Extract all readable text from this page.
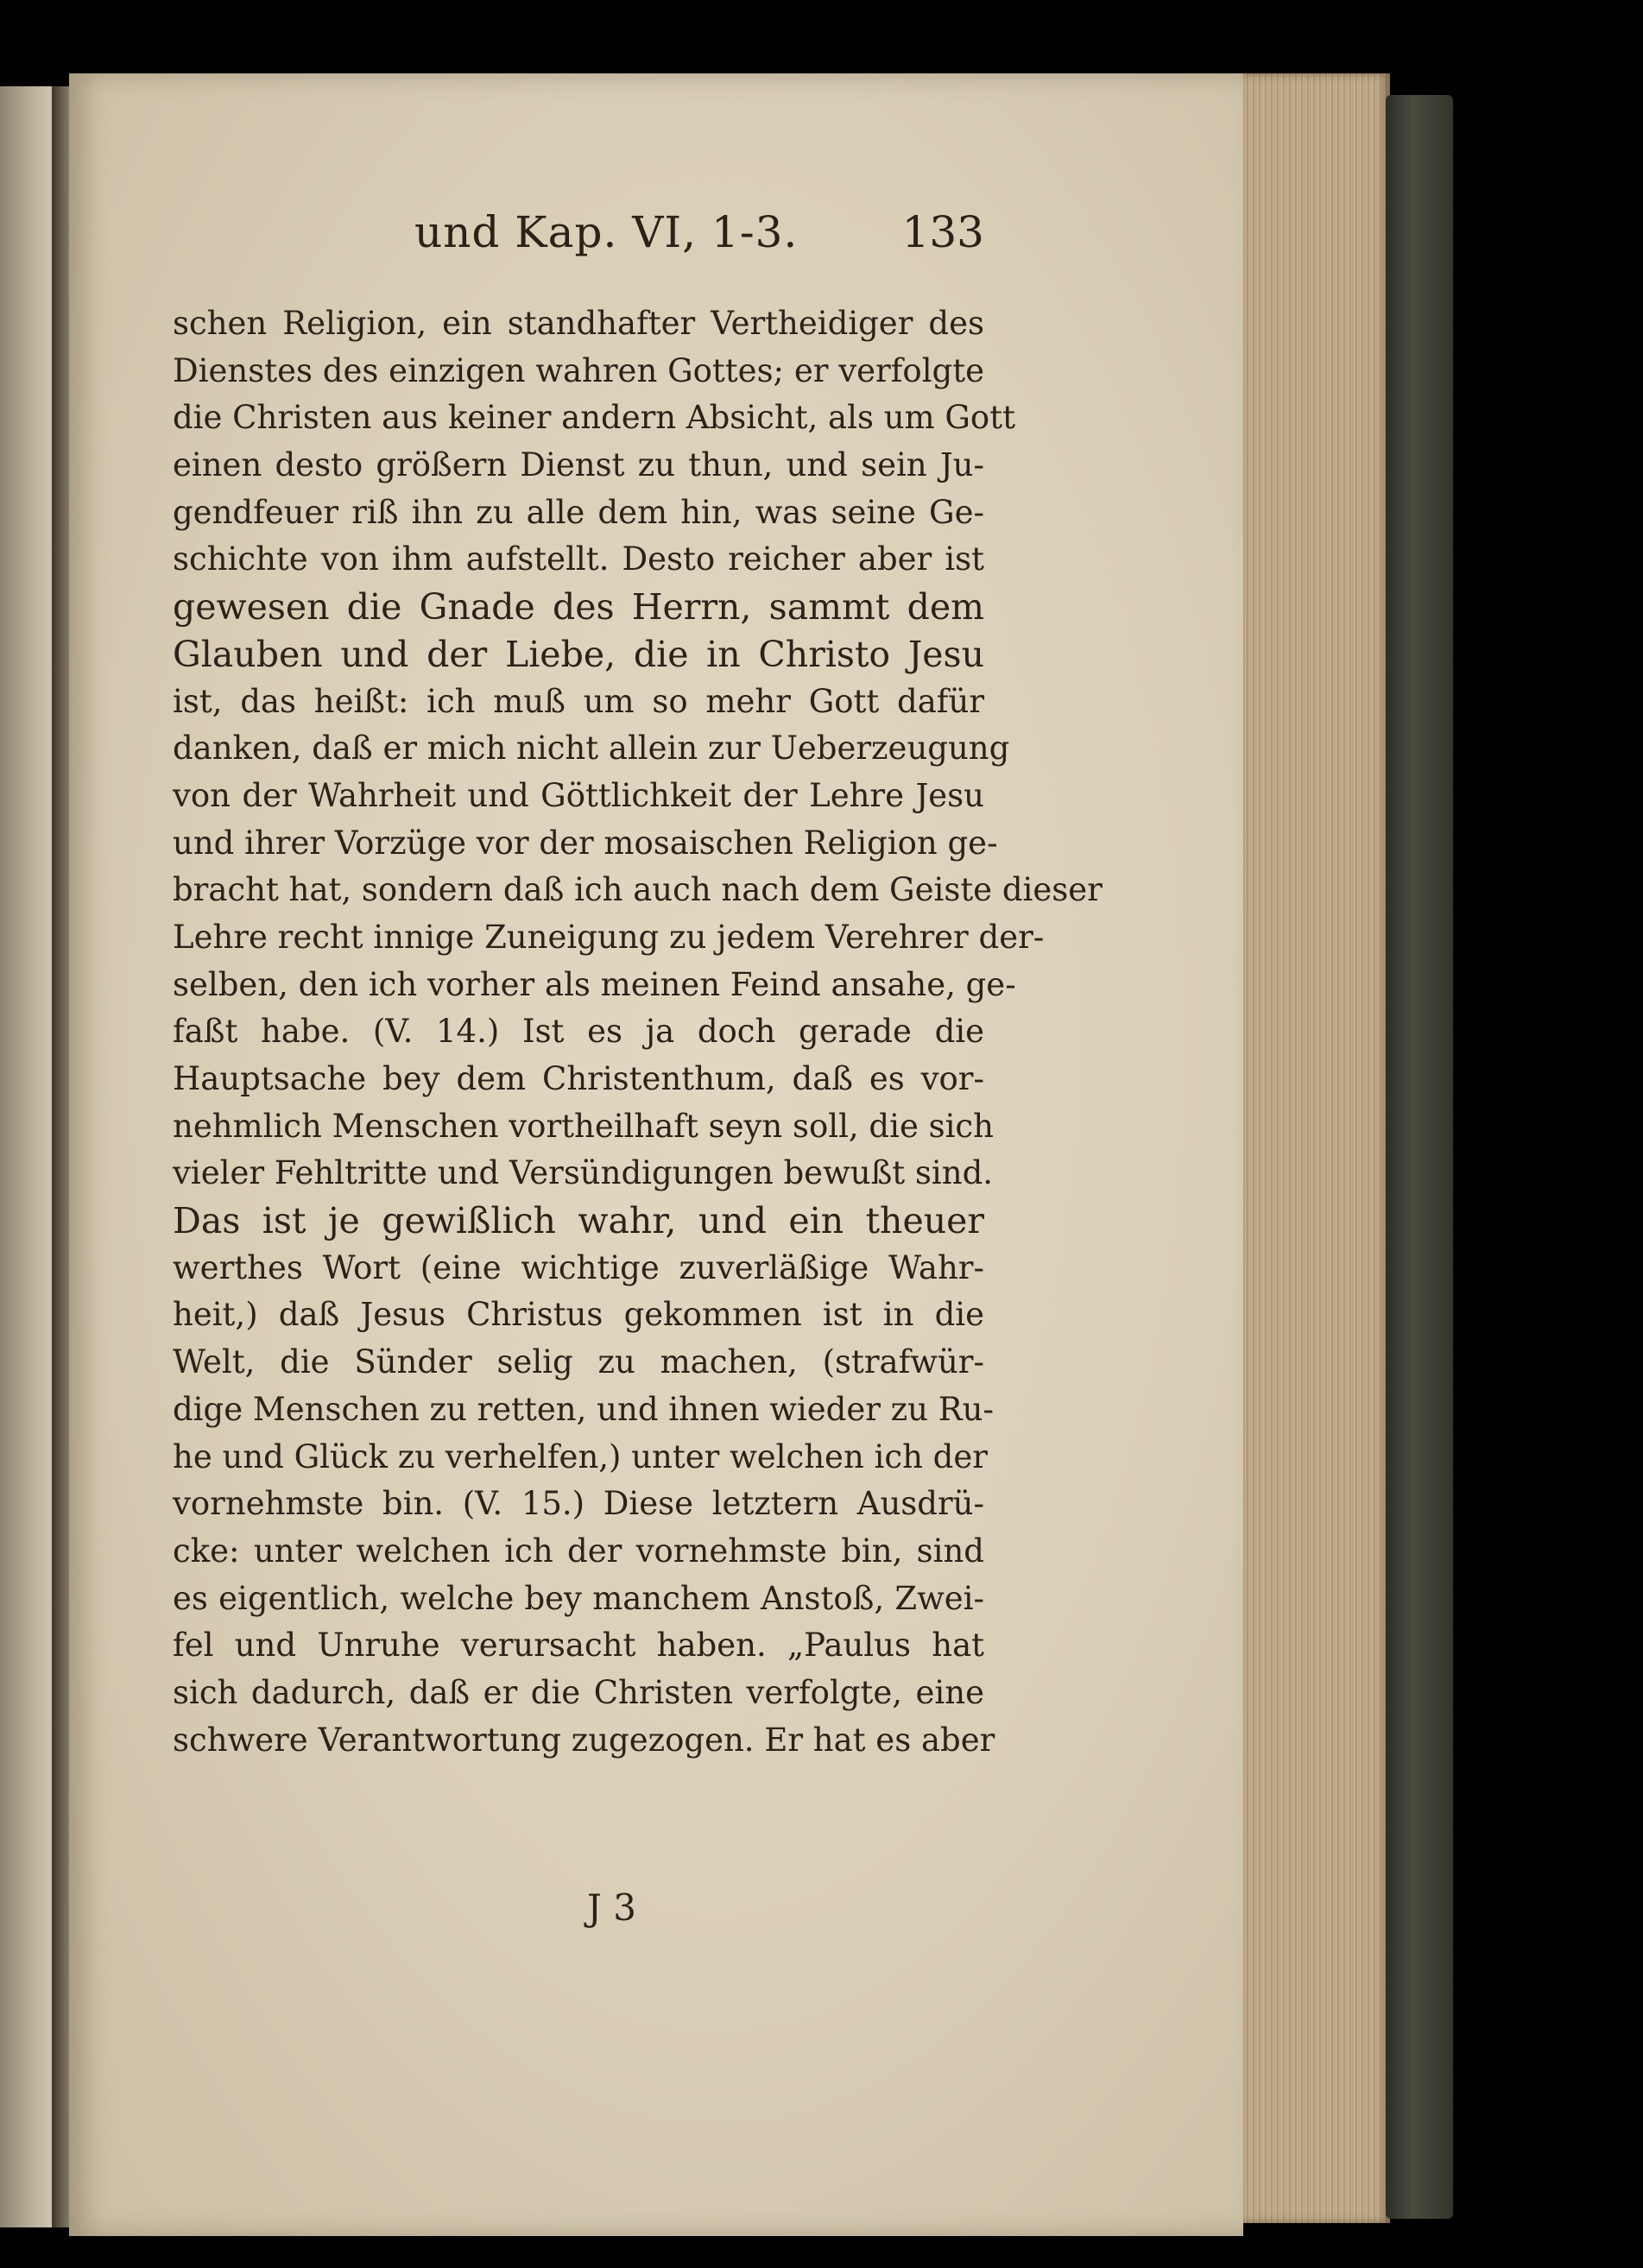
und Kap. VI, 1-3. 133
schen Religion, ein standhafter Vertheidiger des
Dienstes des einzigen wahren Gottes; er verfolgte
die Christen aus keiner andern Absicht, als um Gott
einen desto größern Dienst zu thun, und sein Ju-
gendfeuer riß ihn zu alle dem hin, was seine Ge-
schichte von ihm aufstellt. Desto reicher aber ist
gewesen die Gnade des Herrn, sammt dem
Glauben und der Liebe, die in Christo Jesu
ist, das heißt: ich muß um so mehr Gott dafür
danken, daß er mich nicht allein zur Ueberzeugung
von der Wahrheit und Göttlichkeit der Lehre Jesu
und ihrer Vorzüge vor der mosaischen Religion ge-
bracht hat, sondern daß ich auch nach dem Geiste dieser
Lehre recht innige Zuneigung zu jedem Verehrer der-
selben, den ich vorher als meinen Feind ansahe, ge-
faßt habe. (V. 14.) Ist es ja doch gerade die
Hauptsache bey dem Christenthum, daß es vor-
nehmlich Menschen vortheilhaft seyn soll, die sich
vieler Fehltritte und Versündigungen bewußt sind.
Das ist je gewißlich wahr, und ein theuer
werthes Wort (eine wichtige zuverläßige Wahr-
heit,) daß Jesus Christus gekommen ist in die
Welt, die Sünder selig zu machen, (strafwür-
dige Menschen zu retten, und ihnen wieder zu Ru-
he und Glück zu verhelfen,) unter welchen ich der
vornehmste bin. (V. 15.) Diese letztern Ausdrü-
cke: unter welchen ich der vornehmste bin, sind
es eigentlich, welche bey manchem Anstoß, Zwei-
fel und Unruhe verursacht haben. „Paulus hat
sich dadurch, daß er die Christen verfolgte, eine
schwere Verantwortung zugezogen. Er hat es aber
J 3
